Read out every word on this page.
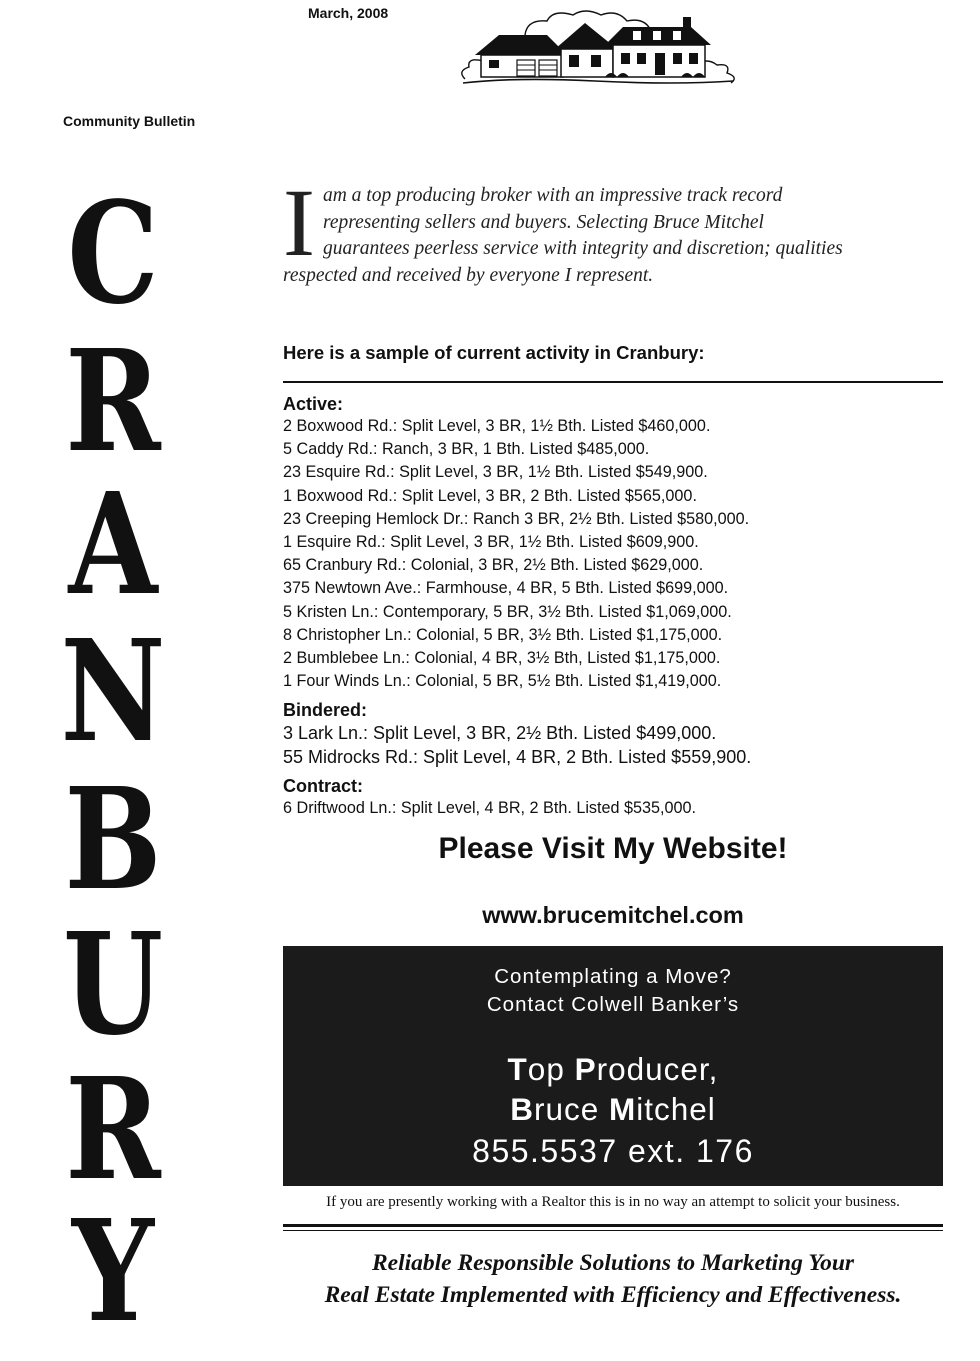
March, 2008
Community Bulletin
C
R
A
N
B
U
R
Y
I am a top producing broker with an impressive track record representing sellers and buyers. Selecting Bruce Mitchel guarantees peerless service with integrity and discretion; qualities respected and received by everyone I represent.
Here is a sample of current activity in Cranbury:
Active:
2 Boxwood Rd.: Split Level, 3 BR, 1½ Bth. Listed $460,000.
5 Caddy Rd.: Ranch, 3 BR, 1 Bth. Listed $485,000.
23 Esquire Rd.: Split Level, 3 BR, 1½ Bth. Listed $549,900.
1 Boxwood Rd.: Split Level, 3 BR, 2 Bth. Listed $565,000.
23 Creeping Hemlock Dr.: Ranch 3 BR, 2½ Bth. Listed $580,000.
1 Esquire Rd.: Split Level, 3 BR, 1½ Bth. Listed $609,900.
65 Cranbury Rd.: Colonial, 3 BR, 2½ Bth. Listed $629,000.
375 Newtown Ave.: Farmhouse, 4 BR, 5 Bth. Listed $699,000.
5 Kristen Ln.: Contemporary, 5 BR, 3½ Bth. Listed $1,069,000.
8 Christopher Ln.: Colonial, 5 BR, 3½ Bth. Listed $1,175,000.
2 Bumblebee Ln.: Colonial, 4 BR, 3½ Bth, Listed $1,175,000.
1 Four Winds Ln.: Colonial, 5 BR, 5½ Bth. Listed $1,419,000.
Bindered:
3 Lark Ln.: Split Level, 3 BR, 2½ Bth. Listed $499,000.
55 Midrocks Rd.: Split Level, 4 BR, 2 Bth. Listed $559,900.
Contract:
6 Driftwood Ln.: Split Level, 4 BR, 2 Bth. Listed $535,000.
Please Visit My Website!
www.brucemitchel.com
Contemplating a Move?
Contact Colwell Banker’s
Top Producer,
Bruce Mitchel
855.5537 ext. 176
If you are presently working with a Realtor this is in no way an attempt to solicit your business.
Reliable Responsible Solutions to Marketing Your
Real Estate Implemented with Efficiency and Effectiveness.
